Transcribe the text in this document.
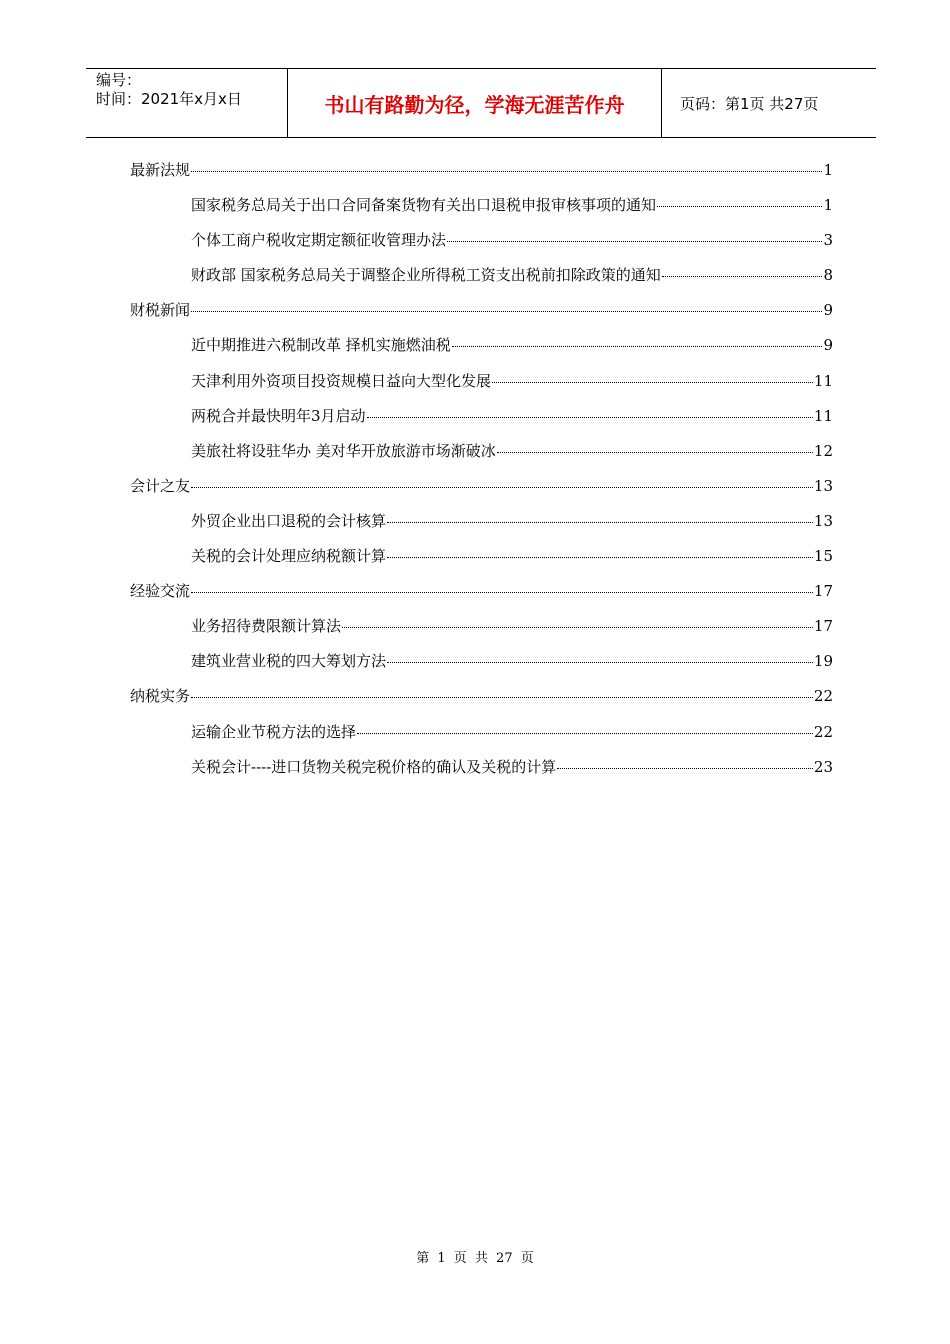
编号：
时间：2021年x月x日	书山有路勤为径，学海无涯苦作舟	页码：第1页 共27页
最新法规	1
国家税务总局关于出口合同备案货物有关出口退税申报审核事项的通知	1
个体工商户税收定期定额征收管理办法	3
财政部 国家税务总局关于调整企业所得税工资支出税前扣除政策的通知	8
财税新闻	9
近中期推进六税制改革 择机实施燃油税	9
天津利用外资项目投资规模日益向大型化发展	11
两税合并最快明年3月启动	11
美旅社将设驻华办 美对华开放旅游市场渐破冰	12
会计之友	13
外贸企业出口退税的会计核算	13
关税的会计处理应纳税额计算	15
经验交流	17
业务招待费限额计算法	17
建筑业营业税的四大筹划方法	19
纳税实务	22
运输企业节税方法的选择	22
关税会计----进口货物关税完税价格的确认及关税的计算	23
第 1 页 共 27 页
